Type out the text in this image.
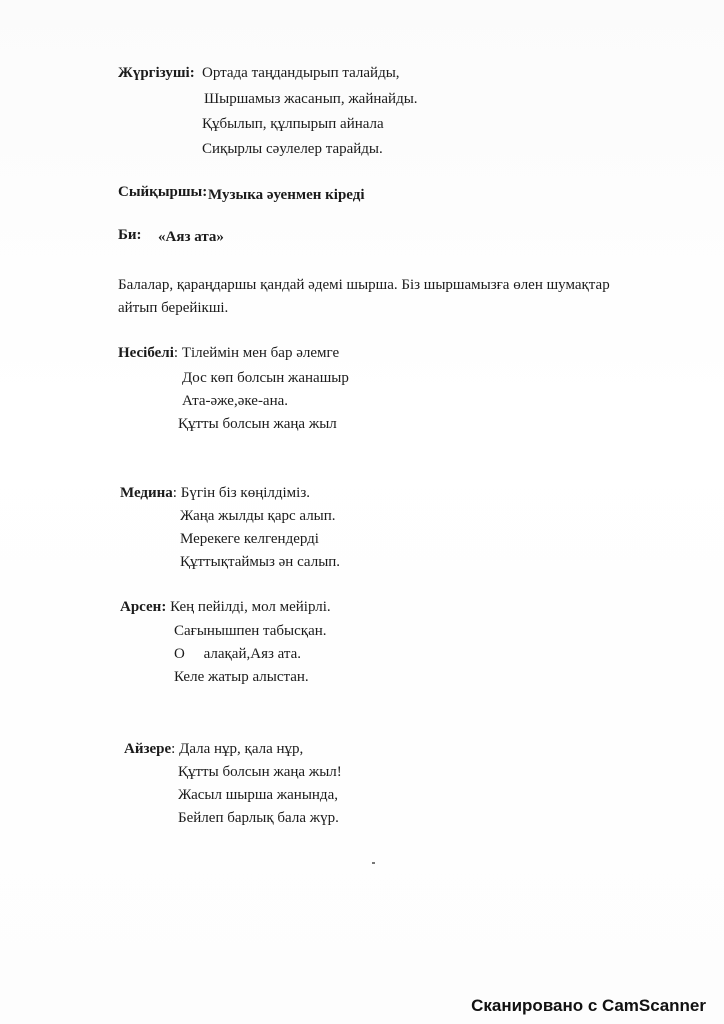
Жүргізуші: Ортада таңдандырып талайды,
Шыршамыз жасанып, жайнайды.
Құбылып, құлпырып айнала
Сиқырлы сәулелер тарайды.
Сыйқыршы: Музыка әуенмен кіреді
Би: «Аяз ата»
Балалар, қараңдаршы қандай әдемі шырша. Біз шыршамызға өлен шумақтар айтып берейікші.
Несібелі: Тілеймін мен бар әлемге
Дос көп болсын жанашыр
Ата-әже,әке-ана.
Құтты болсын жаңа жыл
Медина: Бүгін біз көңілдіміз.
Жаңа жылды қарс алып.
Мерекеге келгендерді
Құттықтаймыз ән салып.
Арсен: Кең пейілді, мол мейірлі.
Сағынышпен табысқан.
О     алақай,Аяз ата.
Келе жатыр алыстан.
Айзере: Дала нұр, қала нұр,
Құтты болсын жаңа жыл!
Жасыл шырша жанында,
Бейлеп барлық бала жүр.
Сканировано с CamScanner
